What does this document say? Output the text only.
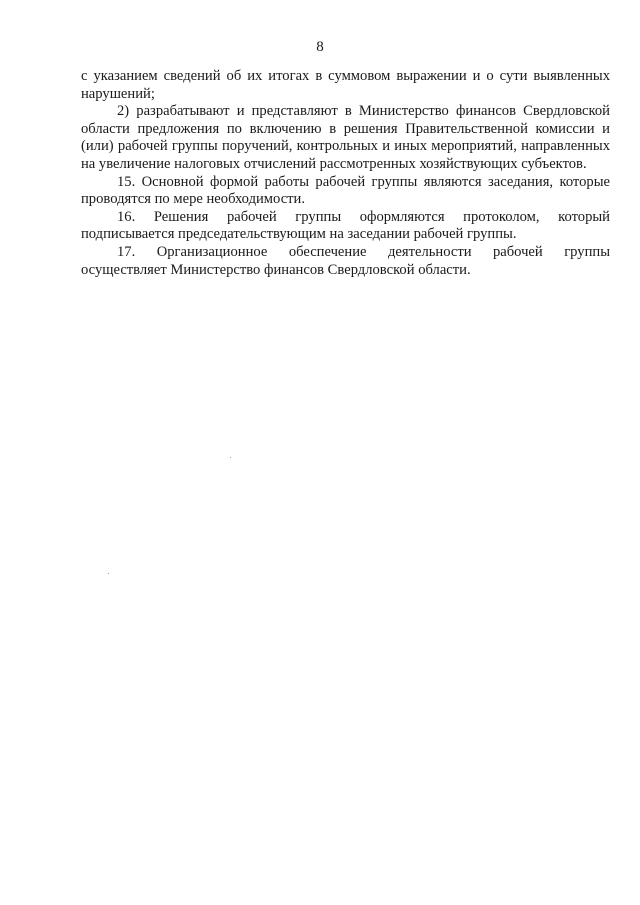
8

с указанием сведений об их итогах в суммовом выражении и о сути выявленных нарушений;

2) разрабатывают и представляют в Министерство финансов Свердловской области предложения по включению в решения Правительственной комиссии и (или) рабочей группы поручений, контрольных и иных мероприятий, направленных на увеличение налоговых отчислений рассмотренных хозяйствующих субъектов.

15. Основной формой работы рабочей группы являются заседания, которые проводятся по мере необходимости.

16. Решения рабочей группы оформляются протоколом, который подписывается председательствующим на заседании рабочей группы.

17. Организационное обеспечение деятельности рабочей группы осуществляет Министерство финансов Свердловской области.
